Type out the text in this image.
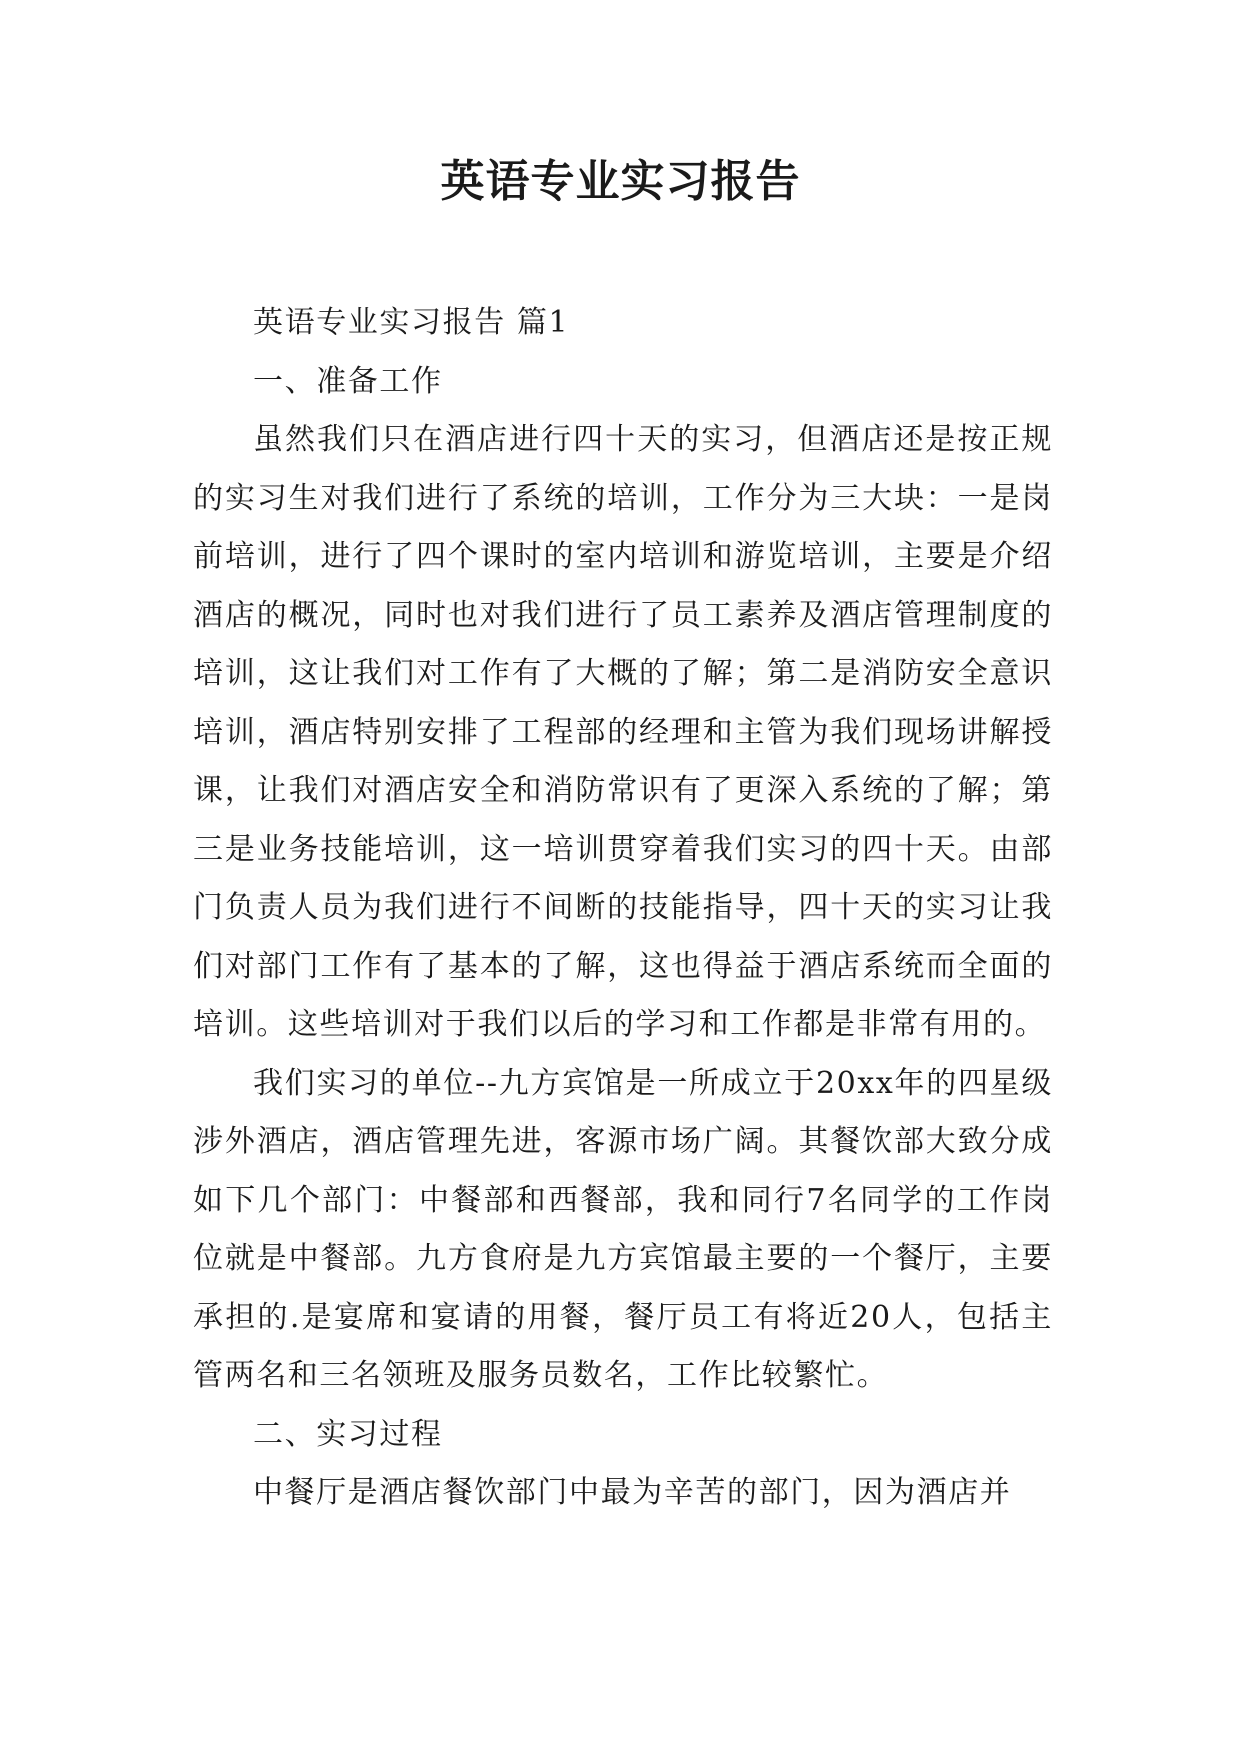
英语专业实习报告

英语专业实习报告 篇1

一、准备工作

虽然我们只在酒店进行四十天的实习，但酒店还是按正规的实习生对我们进行了系统的培训，工作分为三大块：一是岗前培训，进行了四个课时的室内培训和游览培训，主要是介绍酒店的概况，同时也对我们进行了员工素养及酒店管理制度的培训，这让我们对工作有了大概的了解；第二是消防安全意识培训，酒店特别安排了工程部的经理和主管为我们现场讲解授课，让我们对酒店安全和消防常识有了更深入系统的了解；第三是业务技能培训，这一培训贯穿着我们实习的四十天。由部门负责人员为我们进行不间断的技能指导，四十天的实习让我们对部门工作有了基本的了解，这也得益于酒店系统而全面的培训。这些培训对于我们以后的学习和工作都是非常有用的。

我们实习的单位--九方宾馆是一所成立于20xx年的四星级涉外酒店，酒店管理先进，客源市场广阔。其餐饮部大致分成如下几个部门：中餐部和西餐部，我和同行7名同学的工作岗位就是中餐部。九方食府是九方宾馆最主要的一个餐厅，主要承担的.是宴席和宴请的用餐，餐厅员工有将近20人，包括主管两名和三名领班及服务员数名，工作比较繁忙。

二、实习过程

中餐厅是酒店餐饮部门中最为辛苦的部门，因为酒店并
